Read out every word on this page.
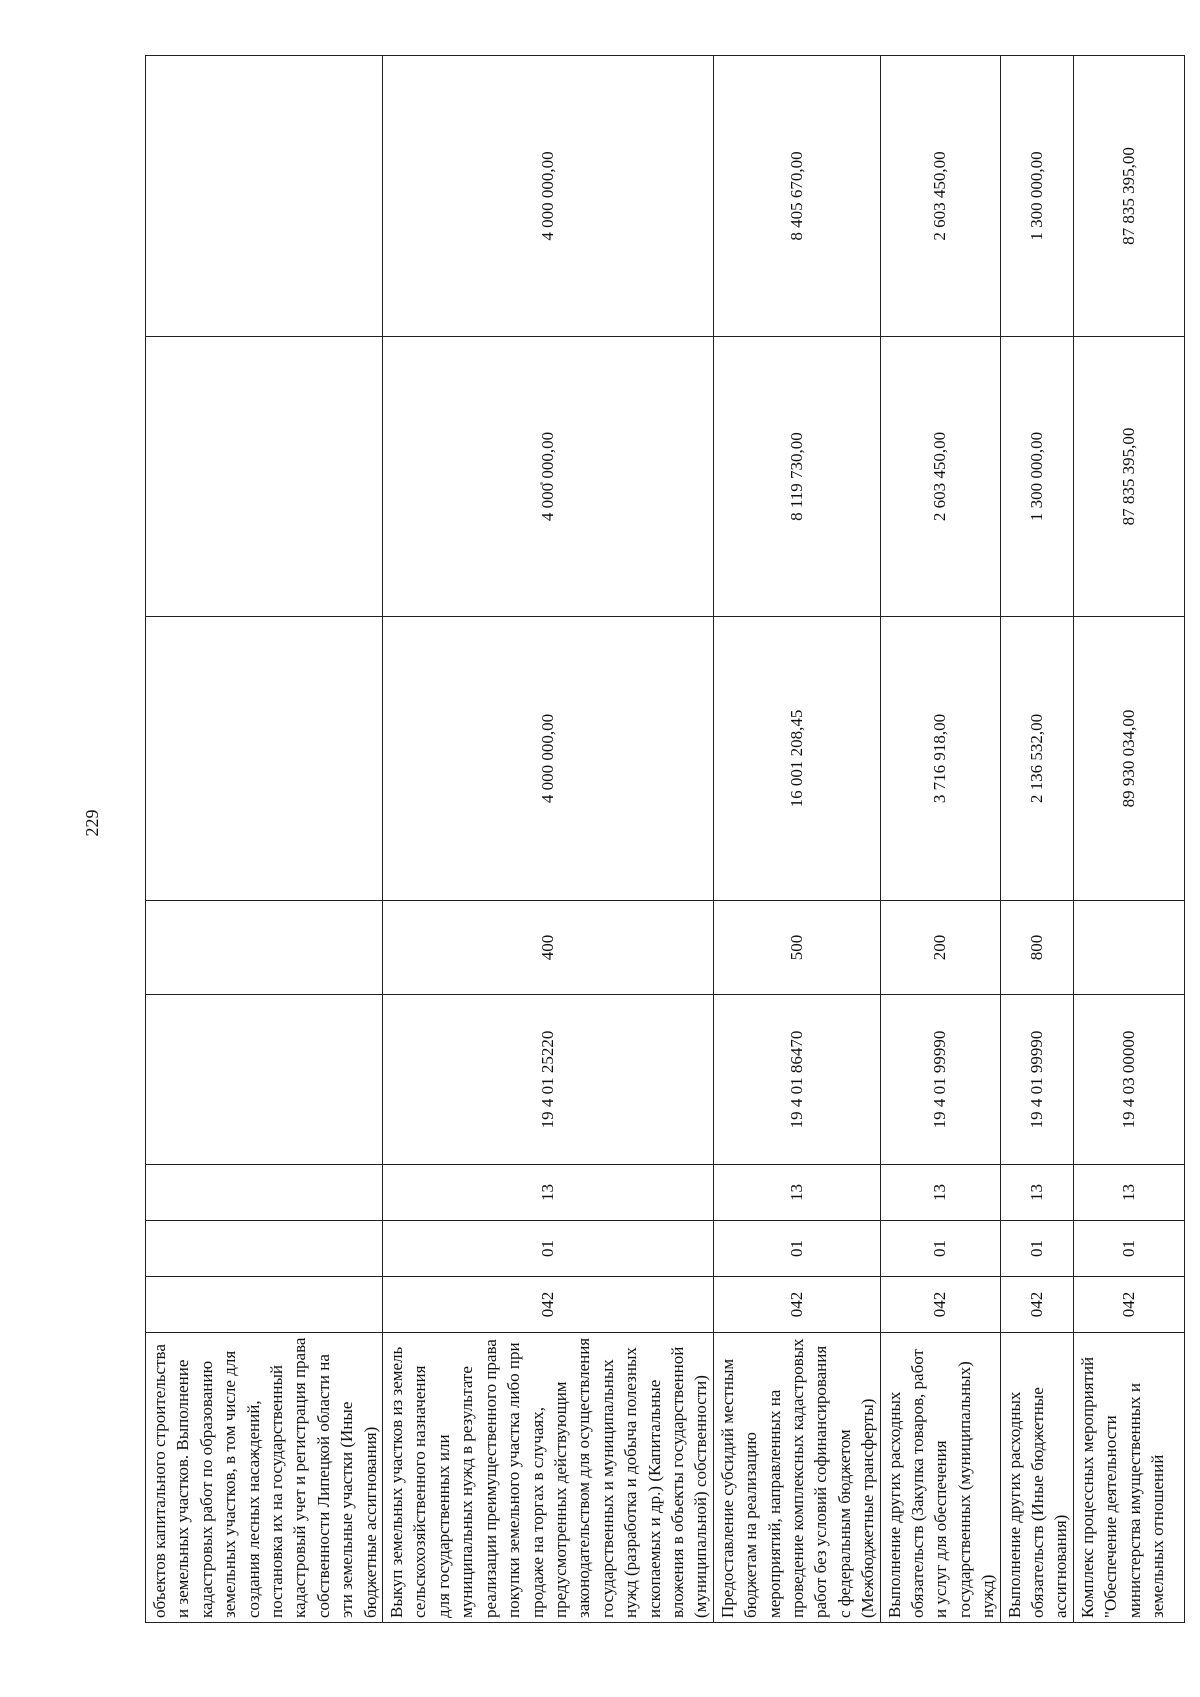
229
объектов капитального строительства и земельных участков. Выполнение кадастровых работ по образованию земельных участков, в том числе для создания лесных насаждений, постановка их на государственный кадастровый учет и регистрация права собственности Липецкой области на эти земельные участки (Иные бюджетные ассигнования)								
Выкуп земельных участков из земель сельскохозяйственного назначения для государственных или муниципальных нужд в результате реализации преимущественного права покупки земельного участка либо при продаже на торгах в случаях, предусмотренных действующим законодательством для осуществления государственных и муниципальных нужд (разработка и добыча полезных ископаемых и др.) (Капитальные вложения в объекты государственной (муниципальной) собственности)	042	01	13	19 4 01 25220	400	4 000 000,00	4 000 000,00	4 000 000,00
Предоставление субсидий местным бюджетам на реализацию мероприятий, направленных на проведение комплексных кадастровых работ без условий софинансирования с федеральным бюджетом (Межбюджетные трансферты)	042	01	13	19 4 01 86470	500	16 001 208,45	8 119 730,00	8 405 670,00
Выполнение других расходных обязательств (Закупка товаров, работ и услуг для обеспечения государственных (муниципальных) нужд)	042	01	13	19 4 01 99990	200	3 716 918,00	2 603 450,00	2 603 450,00
Выполнение других расходных обязательств (Иные бюджетные ассигнования)	042	01	13	19 4 01 99990	800	2 136 532,00	1 300 000,00	1 300 000,00
Комплекс процессных мероприятий "Обеспечение деятельности министерства имущественных и земельных отношений	042	01	13	19 4 03 00000		89 930 034,00	87 835 395,00	87 835 395,00
